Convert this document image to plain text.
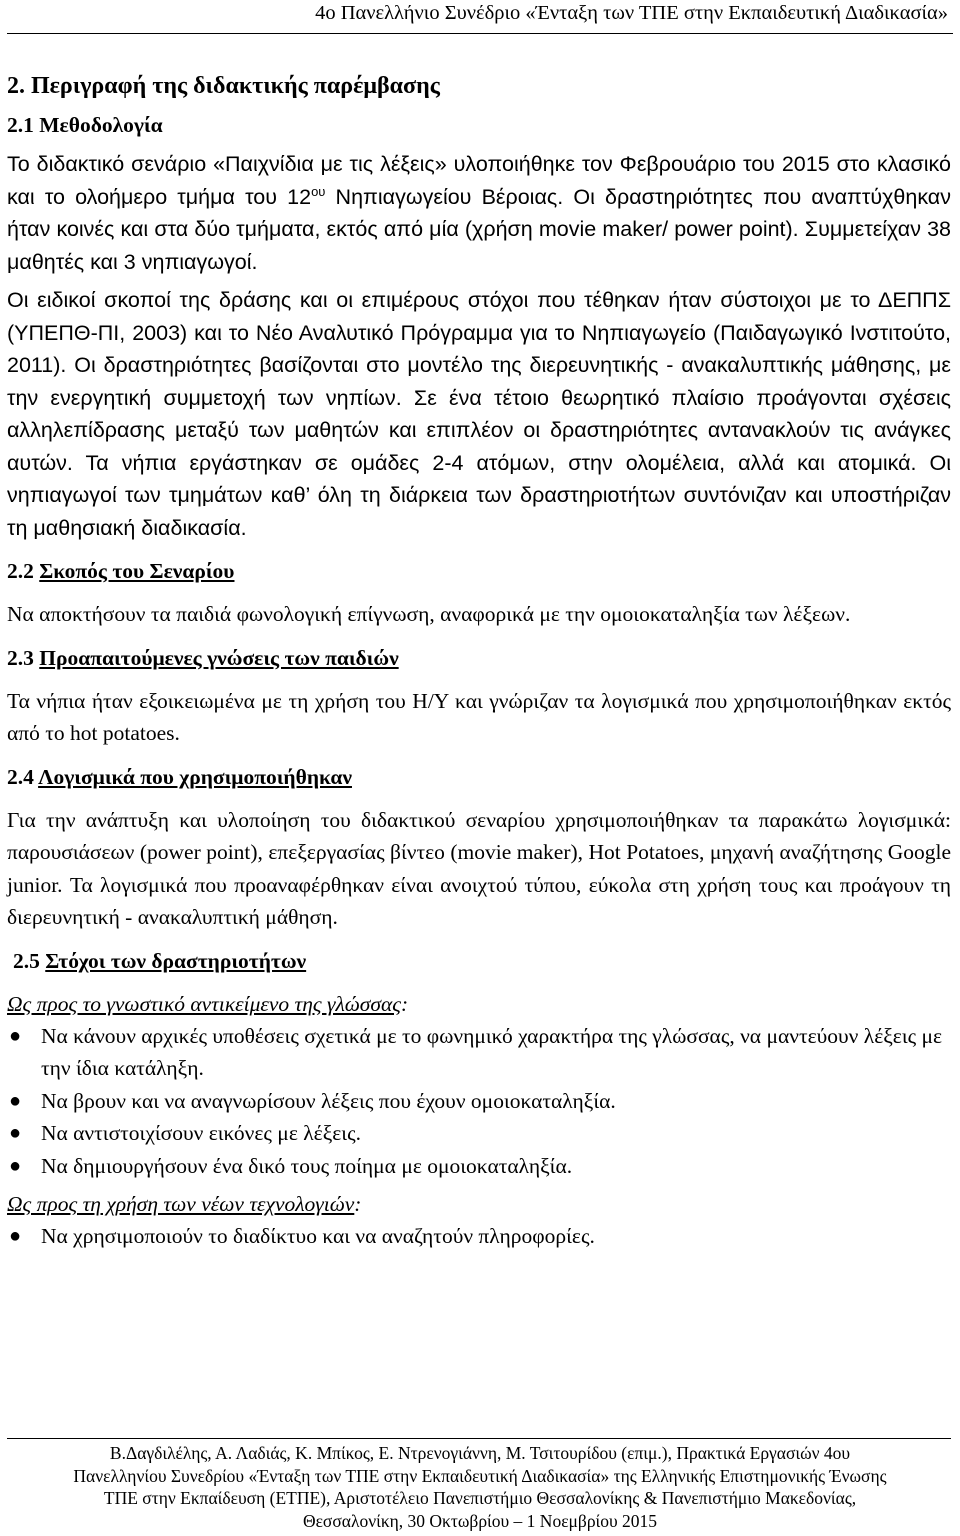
4ο Πανελλήνιο Συνέδριο «Ένταξη των ΤΠΕ στην Εκπαιδευτική Διαδικασία»
2. Περιγραφή της διδακτικής παρέμβασης
2.1 Μεθοδολογία

Το διδακτικό σενάριο «Παιχνίδια με τις λέξεις» υλοποιήθηκε τον Φεβρουάριο του 2015 στο κλασικό και το ολοήμερο τμήμα του $12^{o\upsilon}$ Νηπιαγωγείου Βέροιας. Οι δραστηριότητες που αναπτύχθηκαν ήταν κοινές και στα δύο τμήματα, εκτός από μία (χρήση movie maker/ power point). Συμμετείχαν 38 μαθητές και 3 νηπιαγωγοί.

Οι ειδικοί σκοποί της δράσης και οι επιμέρους στόχοι που τέθηκαν ήταν σύστοιχοι με το ΔΕΠΠΣ (ΥΠΕΠΘ-ΠΙ, 2003) και το Νέο Αναλυτικό Πρόγραμμα για το Νηπιαγωγείο (Παιδαγωγικό Ινστιτούτο, 2011). Οι δραστηριότητες βασίζονται στο μοντέλο της διερευνητικής - ανακαλυπτικής μάθησης, με την ενεργητική συμμετοχή των νηπίων. Σε ένα τέτοιο θεωρητικό πλαίσιο προάγονται σχέσεις αλληλεπίδρασης μεταξύ των μαθητών και επιπλέον οι δραστηριότητες αντανακλούν τις ανάγκες αυτών. Τα νήπια εργάστηκαν σε ομάδες 2-4 ατόμων, στην ολομέλεια, αλλά και ατομικά. Οι νηπιαγωγοί των τμημάτων καθ’ όλη τη διάρκεια των δραστηριοτήτων συντόνιζαν και υποστήριζαν τη μαθησιακή διαδικασία.

2.2 Σκοπός του Σεναρίου

Να αποκτήσουν τα παιδιά φωνολογική επίγνωση, αναφορικά με την ομοιοκαταληξία των λέξεων.

2.3 Προαπαιτούμενες γνώσεις των παιδιών

Τα νήπια ήταν εξοικειωμένα με τη χρήση του Η/Υ και γνώριζαν τα λογισμικά που χρησιμοποιήθηκαν εκτός από το hot potatoes.

2.4 Λογισμικά που χρησιμοποιήθηκαν

Για την ανάπτυξη και υλοποίηση του διδακτικού σεναρίου χρησιμοποιήθηκαν τα παρακάτω λογισμικά: παρουσιάσεων (power point), επεξεργασίας βίντεο (movie maker), Hot Potatoes, μηχανή αναζήτησης Google junior. Τα λογισμικά που προαναφέρθηκαν είναι ανοιχτού τύπου, εύκολα στη χρήση τους και προάγουν τη διερευνητική - ανακαλυπτική μάθηση.

2.5 Στόχοι των δραστηριοτήτων
Ως προς το γνωστικό αντικείμενο της γλώσσας:
● Να κάνουν αρχικές υποθέσεις σχετικά με το φωνημικό χαρακτήρα της γλώσσας, να μαντεύουν λέξεις με την ίδια κατάληξη.
● Να βρουν και να αναγνωρίσουν λέξεις που έχουν ομοιοκαταληξία.
● Να αντιστοιχίσουν εικόνες με λέξεις.
● Να δημιουργήσουν ένα δικό τους ποίημα με ομοιοκαταληξία.
Ως προς τη χρήση των νέων τεχνολογιών:
● Να χρησιμοποιούν το διαδίκτυο και να αναζητούν πληροφορίες.
Β.Δαγδιλέλης, Α. Λαδιάς, Κ. Μπίκος, Ε. Ντρενογιάννη, Μ. Τσιτουρίδου (επιμ.), Πρακτικά Εργασιών 4ου
Πανελληνίου Συνεδρίου «Ένταξη των ΤΠΕ στην Εκπαιδευτική Διαδικασία» της Ελληνικής Επιστημονικής Ένωσης
ΤΠΕ στην Εκπαίδευση (ΕΤΠΕ), Αριστοτέλειο Πανεπιστήμιο Θεσσαλονίκης & Πανεπιστήμιο Μακεδονίας,
Θεσσαλονίκη, 30 Οκτωβρίου – 1 Νοεμβρίου 2015
